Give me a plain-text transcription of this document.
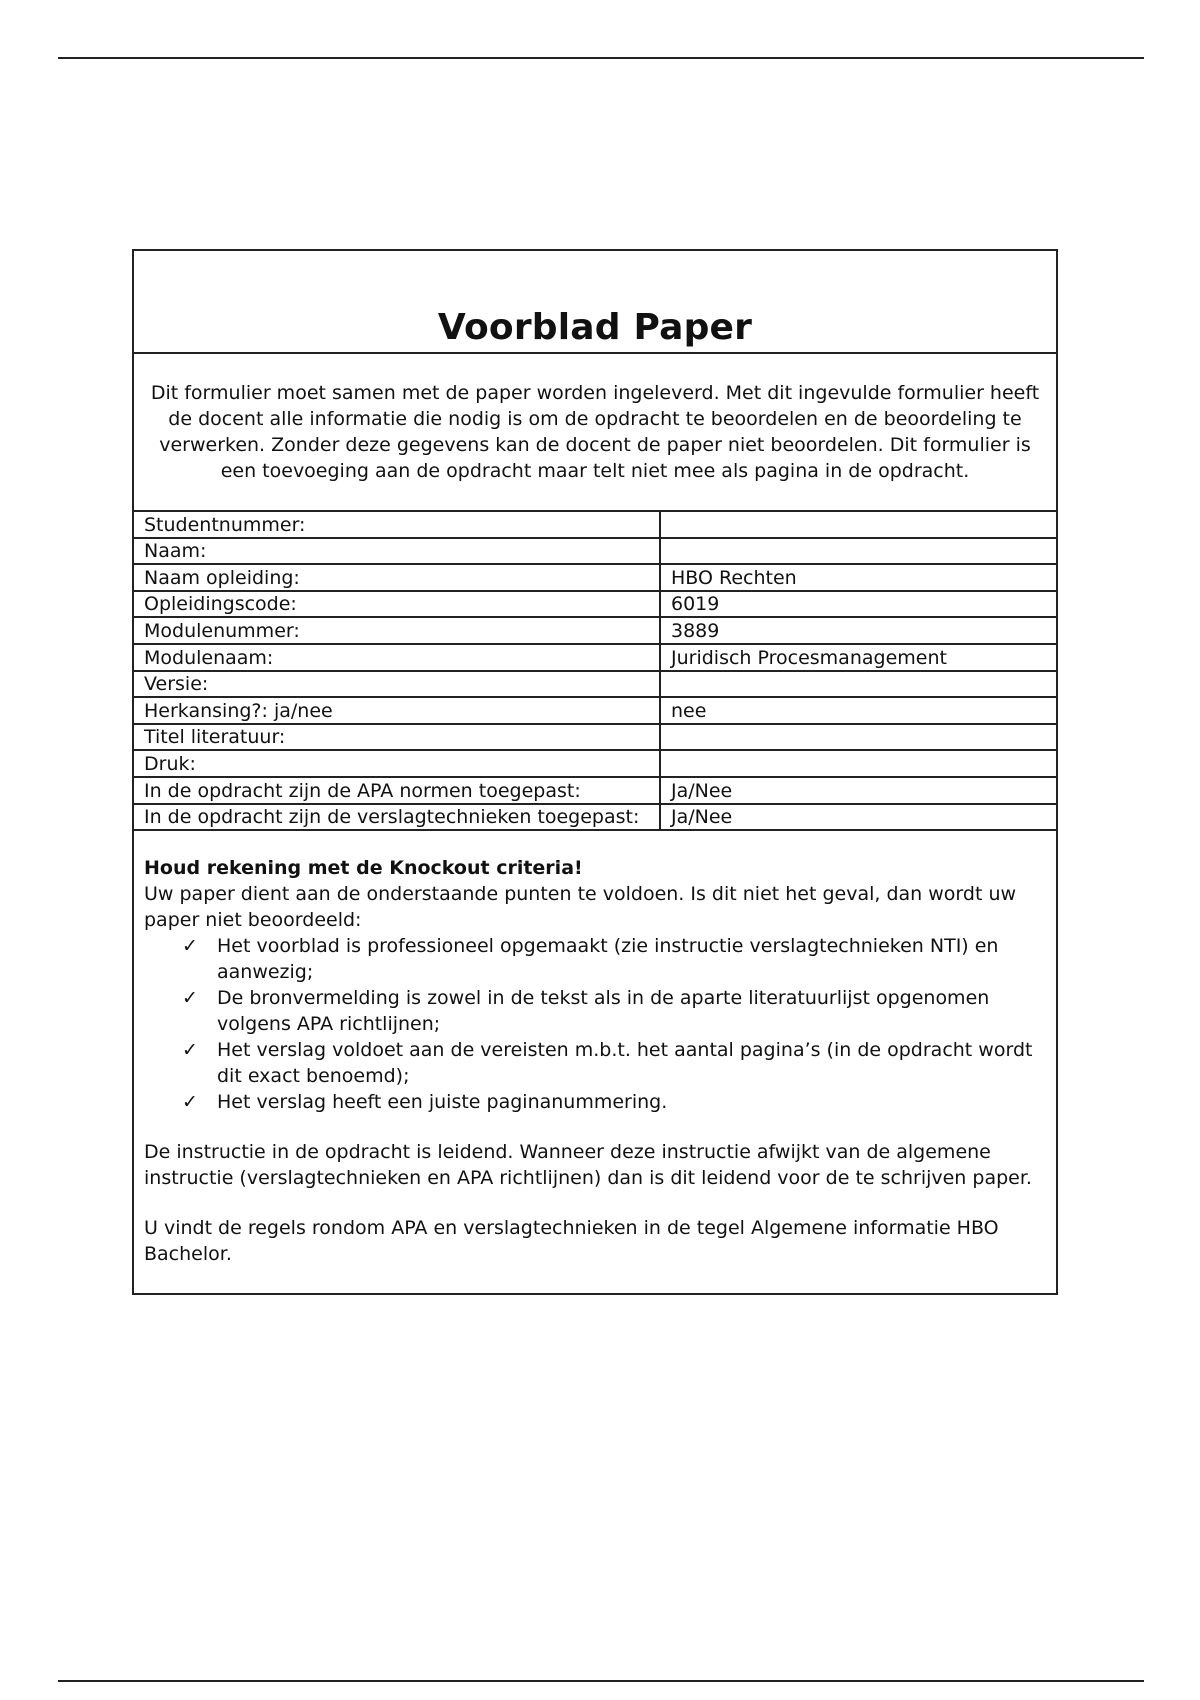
Voorblad Paper
Dit formulier moet samen met de paper worden ingeleverd. Met dit ingevulde formulier heeft de docent alle informatie die nodig is om de opdracht te beoordelen en de beoordeling te verwerken. Zonder deze gegevens kan de docent de paper niet beoordelen. Dit formulier is een toevoeging aan de opdracht maar telt niet mee als pagina in de opdracht.
Studentnummer:	
Naam:	
Naam opleiding:	HBO Rechten
Opleidingscode:	6019
Modulenummer:	3889
Modulenaam:	Juridisch Procesmanagement
Versie:	
Herkansing?: ja/nee	nee
Titel literatuur:	
Druk:	
In de opdracht zijn de APA normen toegepast:	Ja/Nee
In de opdracht zijn de verslagtechnieken toegepast:	Ja/Nee

Houd rekening met de Knockout criteria!

Uw paper dient aan de onderstaande punten te voldoen. Is dit niet het geval, dan wordt uw paper niet beoordeeld:

✓ Het voorblad is professioneel opgemaakt (zie instructie verslagtechnieken NTI) en aanwezig;
✓ De bronvermelding is zowel in de tekst als in de aparte literatuurlijst opgenomen volgens APA richtlijnen;
✓ Het verslag voldoet aan de vereisten m.b.t. het aantal pagina’s (in de opdracht wordt dit exact benoemd);
✓ Het verslag heeft een juiste paginanummering.

De instructie in de opdracht is leidend. Wanneer deze instructie afwijkt van de algemene instructie (verslagtechnieken en APA richtlijnen) dan is dit leidend voor de te schrijven paper.

U vindt de regels rondom APA en verslagtechnieken in de tegel Algemene informatie HBO Bachelor.
